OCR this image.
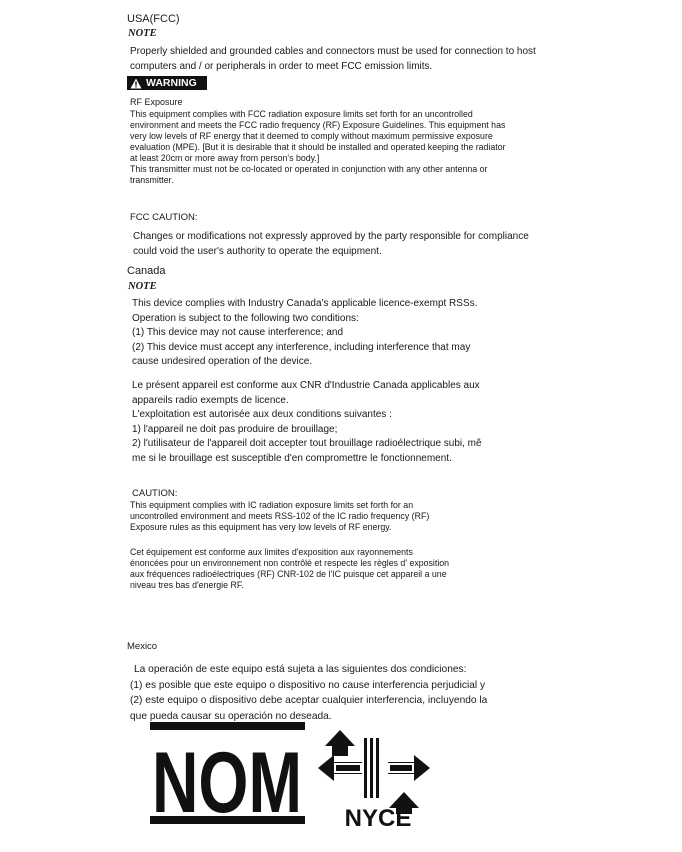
USA(FCC)
NOTE
Properly shielded and grounded cables and connectors must be used for connection to host
computers and / or peripherals in order to meet FCC emission limits.
WARNING
RF Exposure
This equipment complies with FCC radiation exposure limits set forth for an uncontrolled
environment and meets the FCC radio frequency (RF) Exposure Guidelines. This equipment has
very low levels of RF energy that it deemed to comply without maximum permissive exposure
evaluation (MPE). [But it is desirable that it should be installed and operated keeping the radiator
at least 20cm or more away from person's body.]
This transmitter must not be co-located or operated in conjunction with any other antenna or
transmitter.
FCC CAUTION:
Changes or modifications not expressly approved by the party responsible for compliance
could void the user's authority to operate the equipment.
Canada
NOTE
This device complies with Industry Canada's applicable licence-exempt RSSs.
Operation is subject to the following two conditions:
(1) This device may not cause interference; and
(2) This device must accept any interference, including interference that may
cause undesired operation of the device.
Le présent appareil est conforme aux CNR d'Industrie Canada applicables aux
appareils radio exempts de licence.
L'exploitation est autorisée aux deux conditions suivantes :
1) l'appareil ne doit pas produire de brouillage;
2) l'utilisateur de l'appareil doit accepter tout brouillage radioélectrique subi, mê
me si le brouillage est susceptible d'en compromettre le fonctionnement.
CAUTION:
This equipment complies with IC radiation exposure limits set forth for an
uncontrolled environment and meets RSS-102 of the IC radio frequency (RF)
Exposure rules as this equipment has very low levels of RF energy.
Cet équipement est conforme aux limites d'exposition aux rayonnements
énoncées pour un environnement non contrôlé et respecte les règles d' exposition
aux fréquences radioélectriques (RF) CNR-102 de l'IC puisque cet appareil a une
niveau tres bas d'energie RF.
Mexico
La operación de este equipo está sujeta a las siguientes dos condiciones:
(1) es posible que este equipo o dispositivo no cause interferencia perjudicial y
(2) este equipo o dispositivo debe aceptar cualquier interferencia, incluyendo la
que pueda causar su operación no deseada.
NOM NYCE
